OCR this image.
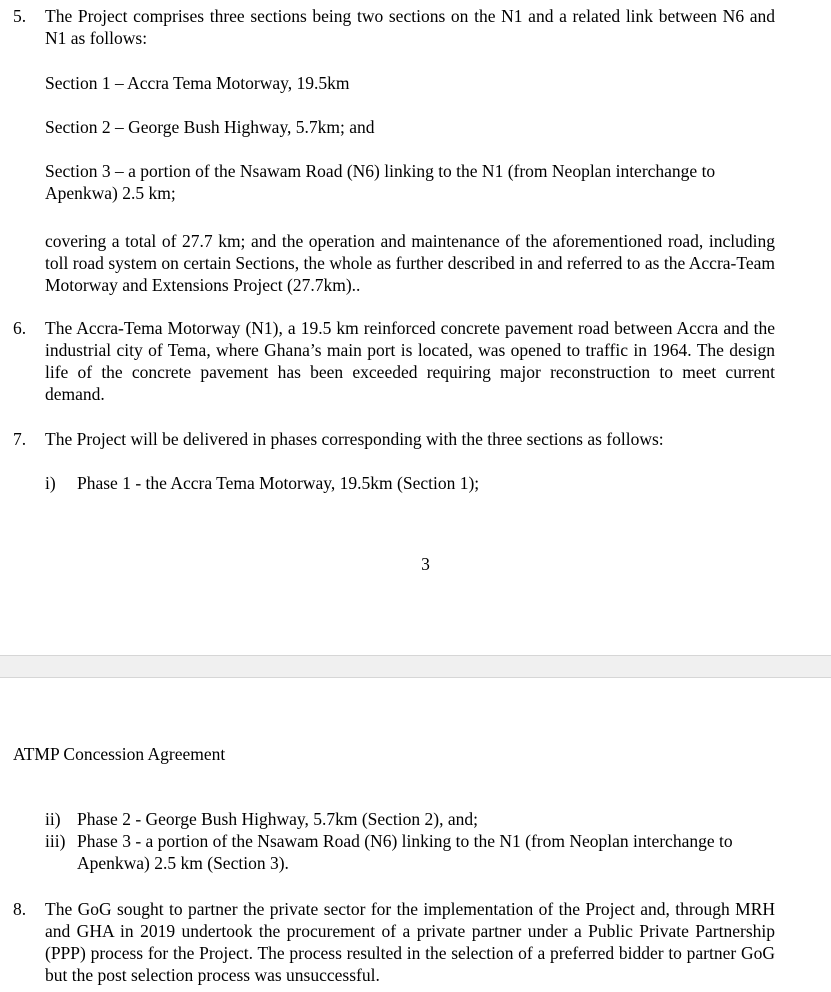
5. The Project comprises three sections being two sections on the N1 and a related link between N6 and N1 as follows:

Section 1 – Accra Tema Motorway, 19.5km

Section 2 – George Bush Highway, 5.7km; and

Section 3 – a portion of the Nsawam Road (N6) linking to the N1 (from Neoplan interchange to Apenkwa) 2.5 km;

covering a total of 27.7 km; and the operation and maintenance of the aforementioned road, including toll road system on certain Sections, the whole as further described in and referred to as the Accra-Team Motorway and Extensions Project (27.7km)..

6. The Accra-Tema Motorway (N1), a 19.5 km reinforced concrete pavement road between Accra and the industrial city of Tema, where Ghana’s main port is located, was opened to traffic in 1964. The design life of the concrete pavement has been exceeded requiring major reconstruction to meet current demand.

7. The Project will be delivered in phases corresponding with the three sections as follows:

i) Phase 1 - the Accra Tema Motorway, 19.5km (Section 1);

3
ATMP Concession Agreement
ii) Phase 2 - George Bush Highway, 5.7km (Section 2), and;

iii) Phase 3 - a portion of the Nsawam Road (N6) linking to the N1 (from Neoplan interchange to Apenkwa) 2.5 km (Section 3).

8. The GoG sought to partner the private sector for the implementation of the Project and, through MRH and GHA in 2019 undertook the procurement of a private partner under a Public Private Partnership (PPP) process for the Project. The process resulted in the selection of a preferred bidder to partner GoG but the post selection process was unsuccessful.
